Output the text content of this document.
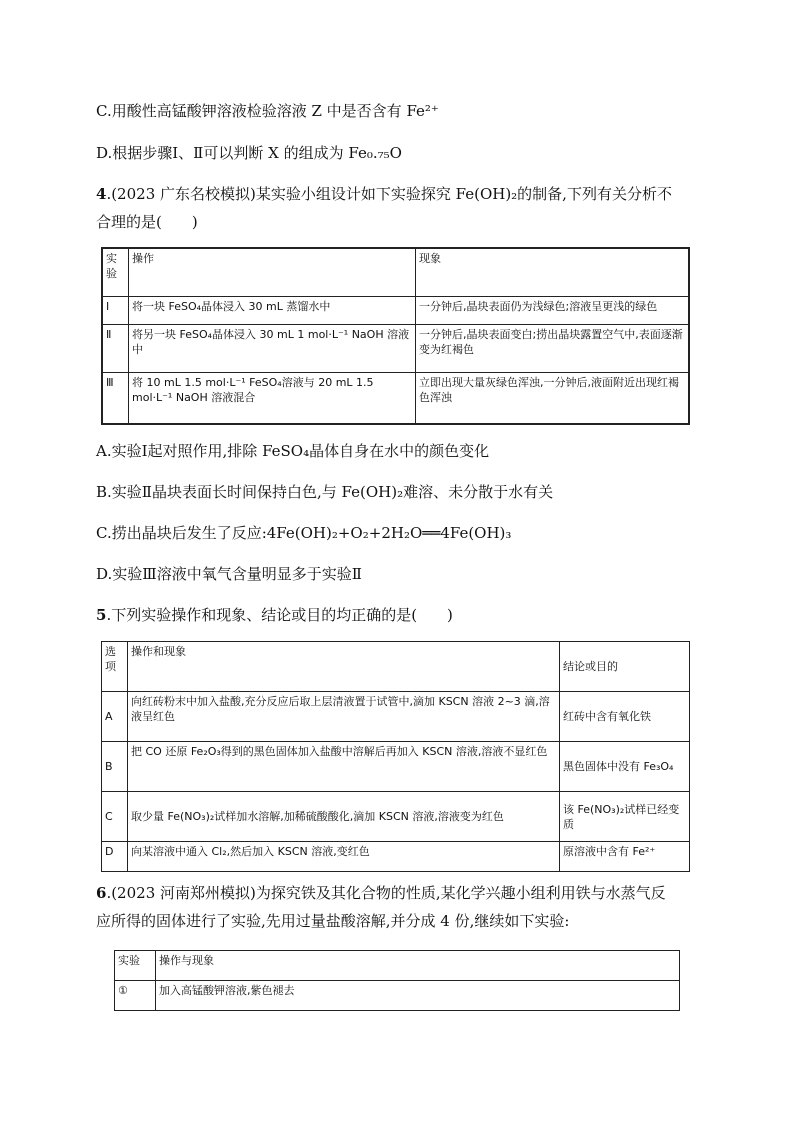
C.用酸性高锰酸钾溶液检验溶液 Z 中是否含有 Fe²⁺
D.根据步骤Ⅰ、Ⅱ可以判断 X 的组成为 Fe₀.₇₅O
4.(2023 广东名校模拟)某实验小组设计如下实验探究 Fe(OH)₂的制备,下列有关分析不
合理的是(　　)
实验	操作	现象
Ⅰ	将一块 FeSO₄晶体浸入 30 mL 蒸馏水中	一分钟后,晶块表面仍为浅绿色;溶液呈更浅的绿色
Ⅱ	将另一块 FeSO₄晶体浸入 30 mL 1 mol·L⁻¹ NaOH 溶液中	一分钟后,晶块表面变白;捞出晶块露置空气中,表面逐渐变为红褐色
Ⅲ	将 10 mL 1.5 mol·L⁻¹ FeSO₄溶液与 20 mL 1.5 mol·L⁻¹ NaOH 溶液混合	立即出现大量灰绿色浑浊,一分钟后,液面附近出现红褐色浑浊
A.实验Ⅰ起对照作用,排除 FeSO₄晶体自身在水中的颜色变化
B.实验Ⅱ晶块表面长时间保持白色,与 Fe(OH)₂难溶、未分散于水有关
C.捞出晶块后发生了反应:4Fe(OH)₂+O₂+2H₂O══4Fe(OH)₃
D.实验Ⅲ溶液中氧气含量明显多于实验Ⅱ
5.下列实验操作和现象、结论或目的均正确的是(　　)
选项	操作和现象	结论或目的
A	向红砖粉末中加入盐酸,充分反应后取上层清液置于试管中,滴加 KSCN 溶液 2~3 滴,溶液呈红色	红砖中含有氧化铁
B	把 CO 还原 Fe₂O₃得到的黑色固体加入盐酸中溶解后再加入 KSCN 溶液,溶液不显红色	黑色固体中没有 Fe₃O₄
C	取少量 Fe(NO₃)₂试样加水溶解,加稀硫酸酸化,滴加 KSCN 溶液,溶液变为红色	该 Fe(NO₃)₂试样已经变质
D	向某溶液中通入 Cl₂,然后加入 KSCN 溶液,变红色	原溶液中含有 Fe²⁺
6.(2023 河南郑州模拟)为探究铁及其化合物的性质,某化学兴趣小组利用铁与水蒸气反
应所得的固体进行了实验,先用过量盐酸溶解,并分成 4 份,继续如下实验:
实验	操作与现象
①	加入高锰酸钾溶液,紫色褪去
